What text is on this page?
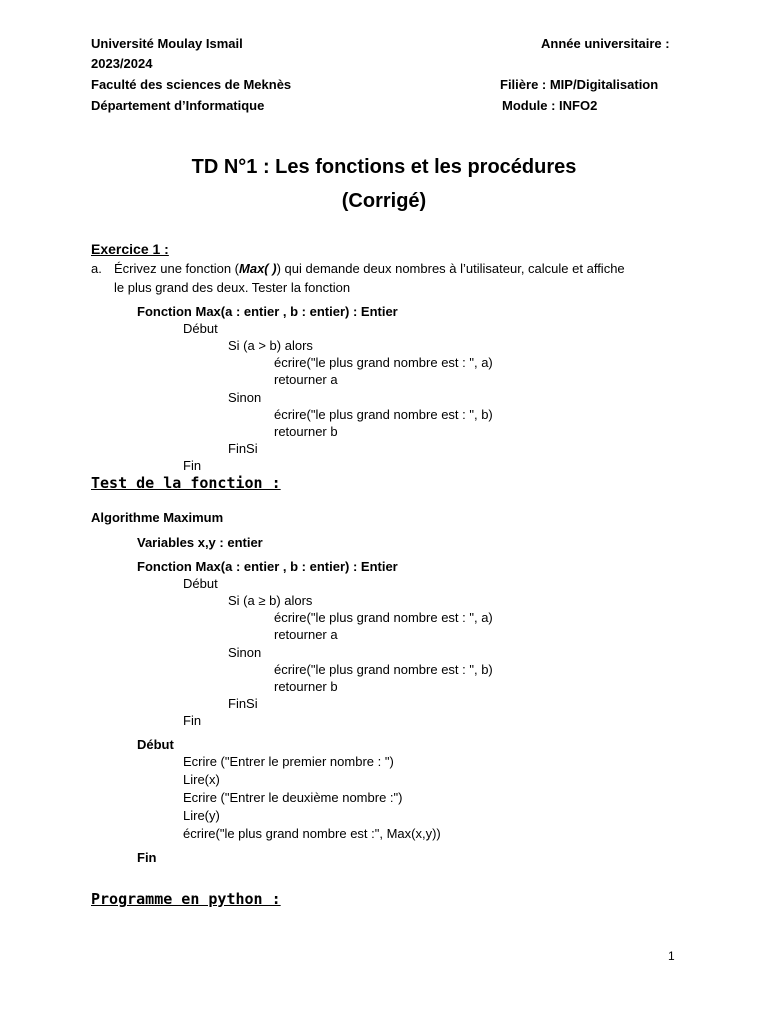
Université Moulay Ismail	Année universitaire :
2023/2024
Faculté des sciences de Meknès	Filière : MIP/Digitalisation
Département d’Informatique	Module : INFO2
TD N°1 : Les fonctions et les procédures
(Corrigé)
Exercice 1 :
a. Écrivez une fonction (Max( )) qui demande deux nombres à l’utilisateur, calcule et affiche
le plus grand des deux. Tester la fonction
Fonction Max(a : entier , b : entier) : Entier
Début
Si (a > b) alors
écrire("le plus grand nombre est : ", a)
retourner a
Sinon
écrire("le plus grand nombre est : ", b)
retourner b
FinSi
Fin
Test de la fonction :
Algorithme Maximum
Variables x,y : entier
Fonction Max(a : entier , b : entier) : Entier
Début
Si (a ≥ b) alors
écrire("le plus grand nombre est : ", a)
retourner a
Sinon
écrire("le plus grand nombre est : ", b)
retourner b
FinSi
Fin
Début
Ecrire ("Entrer le premier nombre : ")
Lire(x)
Ecrire ("Entrer le deuxième nombre :")
Lire(y)
écrire("le plus grand nombre est :", Max(x,y))
Fin
Programme en python :
1
